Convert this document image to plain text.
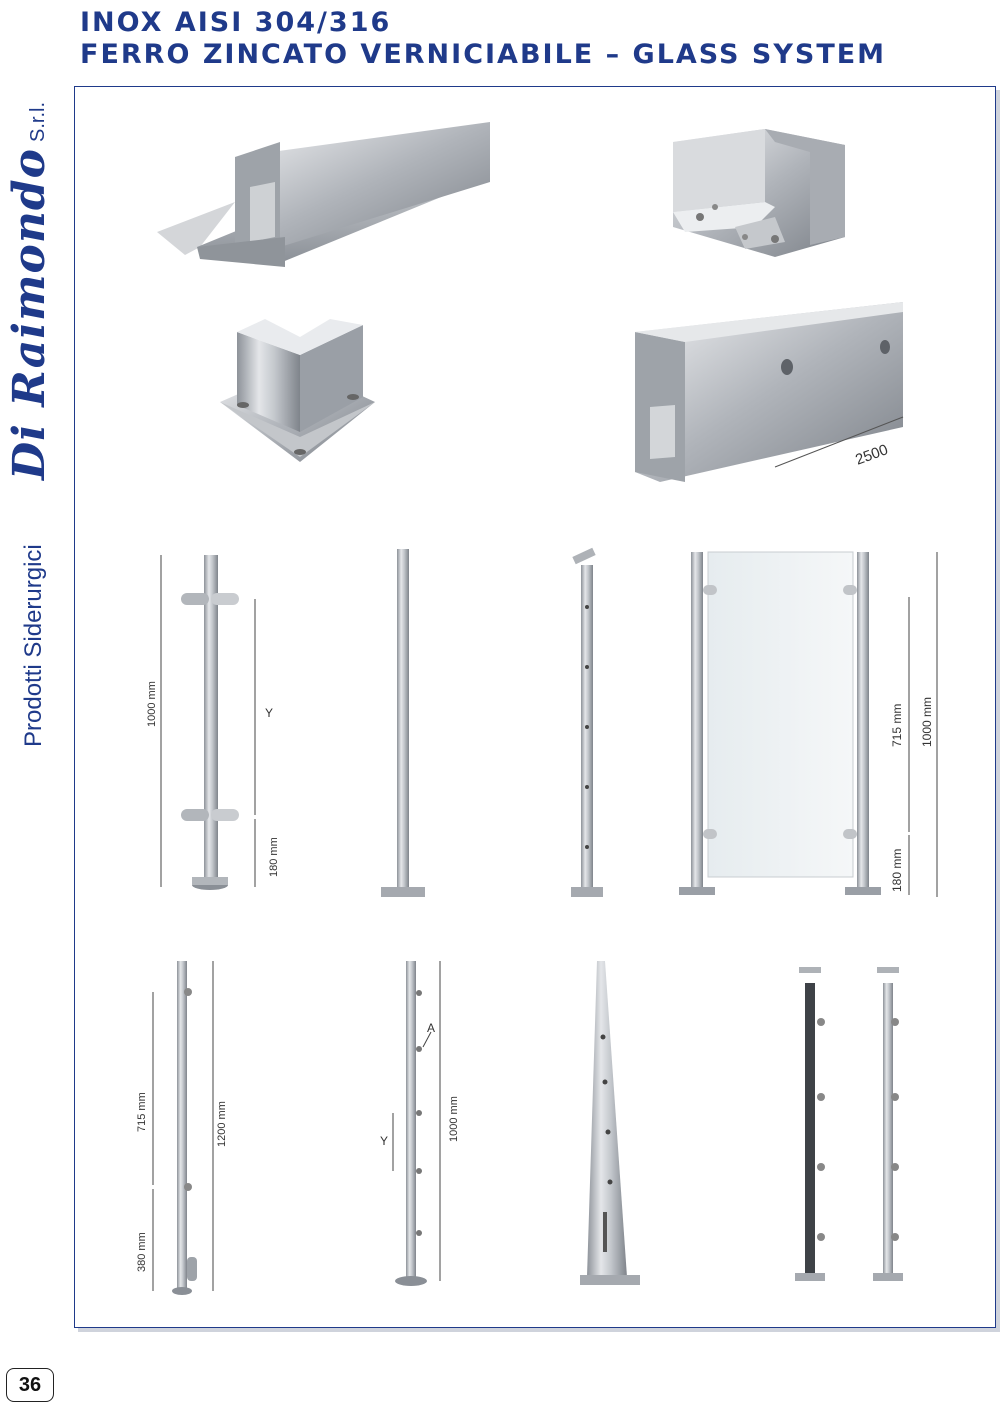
INOX AISI 304/316
FERRO ZINCATO VERNICIABILE – GLASS SYSTEM
Di RaimondoS.r.l.
Prodotti Siderurgici
2500
1000 mm	Y
180 mm
715 mm 1000 mm
180 mm
715 mm	1200 mm
380 mm
A
Y	1000 mm
36
